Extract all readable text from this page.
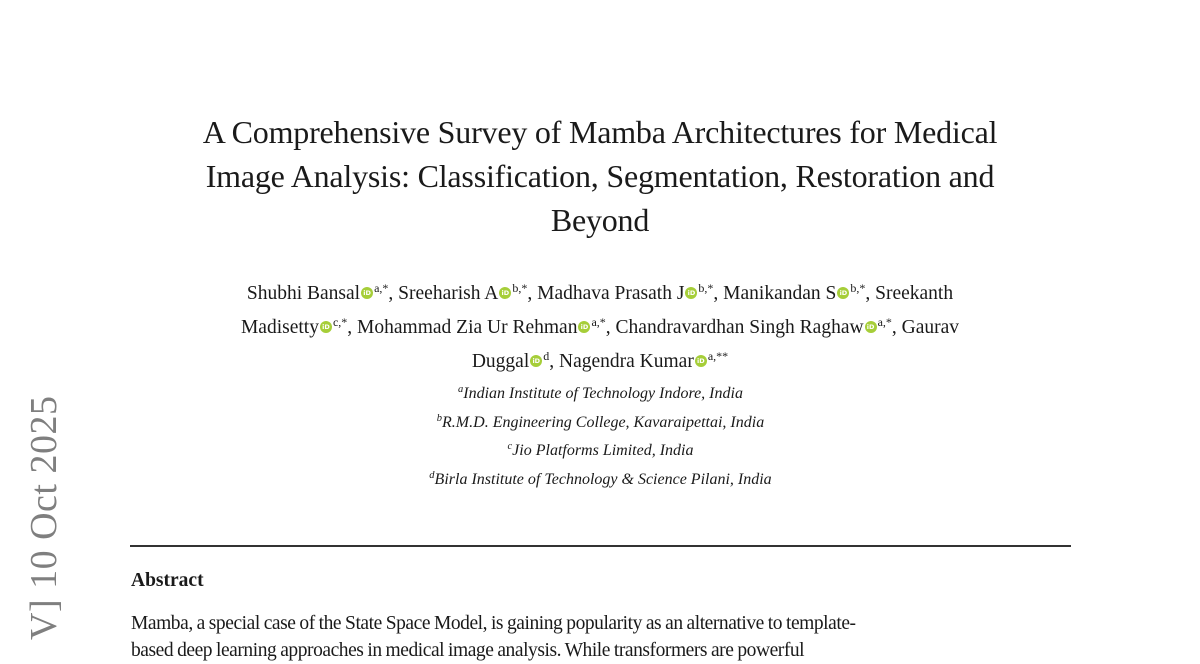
V] 10 Oct 2025
A Comprehensive Survey of Mamba Architectures for Medical
Image Analysis: Classification, Segmentation, Restoration and
Beyond
Shubhi Bansal iD $^{a,*}$, Sreeharish A iD $^{b,*}$, Madhava Prasath J iD $^{b,*}$, Manikandan S iD $^{b,*}$, Sreekanth
Madisetty iD $^{c,*}$, Mohammad Zia Ur Rehman iD $^{a,*}$, Chandravardhan Singh Raghaw iD $^{a,*}$, Gaurav
Duggal iD $^d$, Nagendra Kumar iD $^{a,**}$
$^a$Indian Institute of Technology Indore, India
$^b$R.M.D. Engineering College, Kavaraipettai, India
$^c$Jio Platforms Limited, India
$^d$Birla Institute of Technology & Science Pilani, India
Abstract
Mamba, a special case of the State Space Model, is gaining popularity as an alternative to template-
based deep learning approaches in medical image analysis. While transformers are powerful
